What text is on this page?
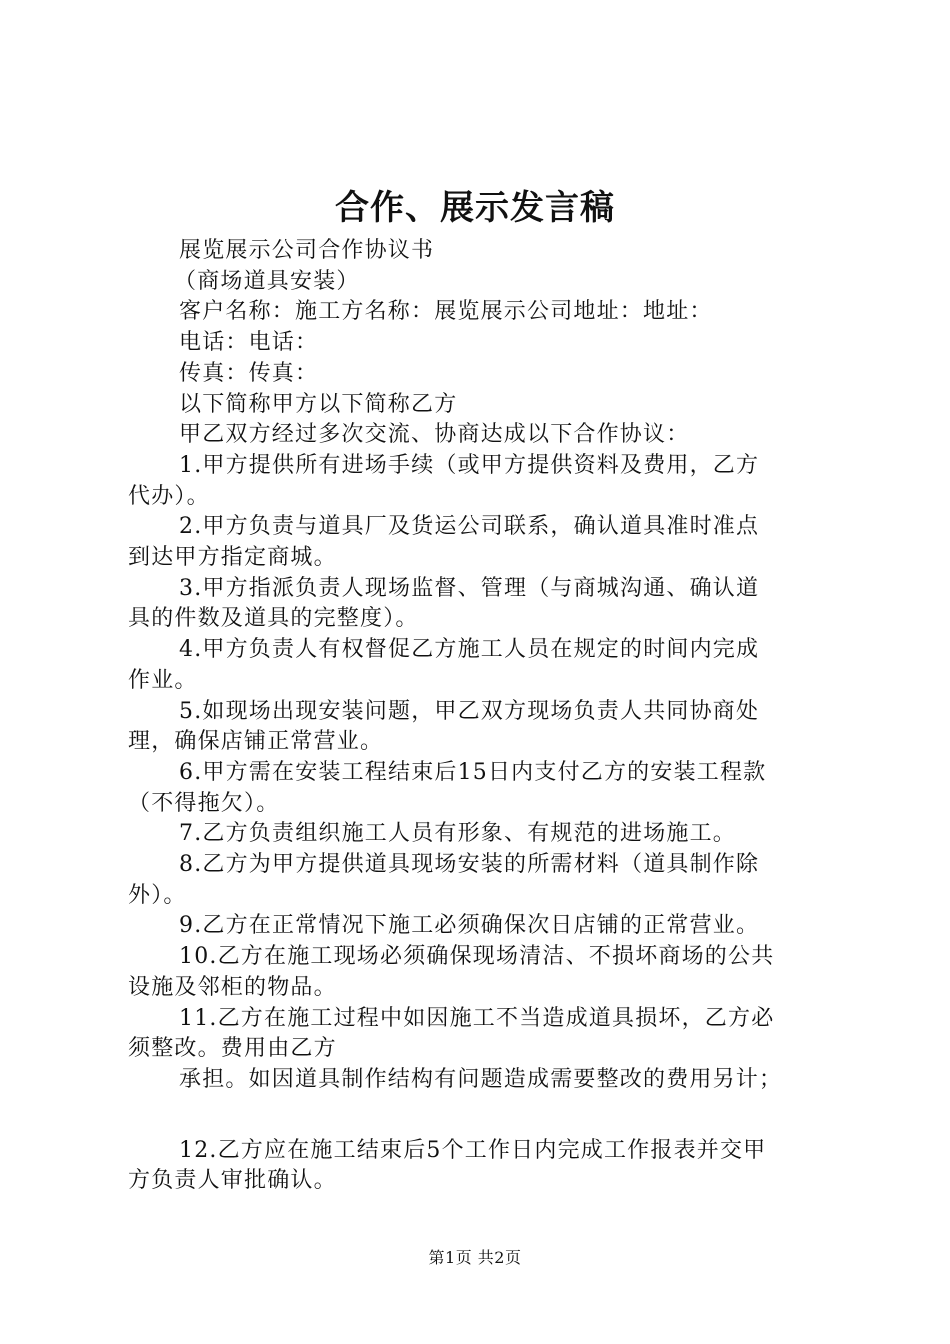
合作、展示发言稿

展览展示公司合作协议书

（商场道具安装）

客户名称：施工方名称：展览展示公司地址：地址：

电话：电话：

传真：传真：

以下简称甲方以下简称乙方

甲乙双方经过多次交流、协商达成以下合作协议：

1.甲方提供所有进场手续（或甲方提供资料及费用，乙方

代办）。

2.甲方负责与道具厂及货运公司联系，确认道具准时准点

到达甲方指定商城。

3.甲方指派负责人现场监督、管理（与商城沟通、确认道

具的件数及道具的完整度）。

4.甲方负责人有权督促乙方施工人员在规定的时间内完成

作业。

5.如现场出现安装问题，甲乙双方现场负责人共同协商处

理，确保店铺正常营业。

6.甲方需在安装工程结束后15日内支付乙方的安装工程款

（不得拖欠）。

7.乙方负责组织施工人员有形象、有规范的进场施工。

8.乙方为甲方提供道具现场安装的所需材料（道具制作除

外）。

9.乙方在正常情况下施工必须确保次日店铺的正常营业。

10.乙方在施工现场必须确保现场清洁、不损坏商场的公共

设施及邻柜的物品。

11.乙方在施工过程中如因施工不当造成道具损坏，乙方必

须整改。费用由乙方

承担。如因道具制作结构有问题造成需要整改的费用另计；

12.乙方应在施工结束后5个工作日内完成工作报表并交甲

方负责人审批确认。

第1页 共2页
